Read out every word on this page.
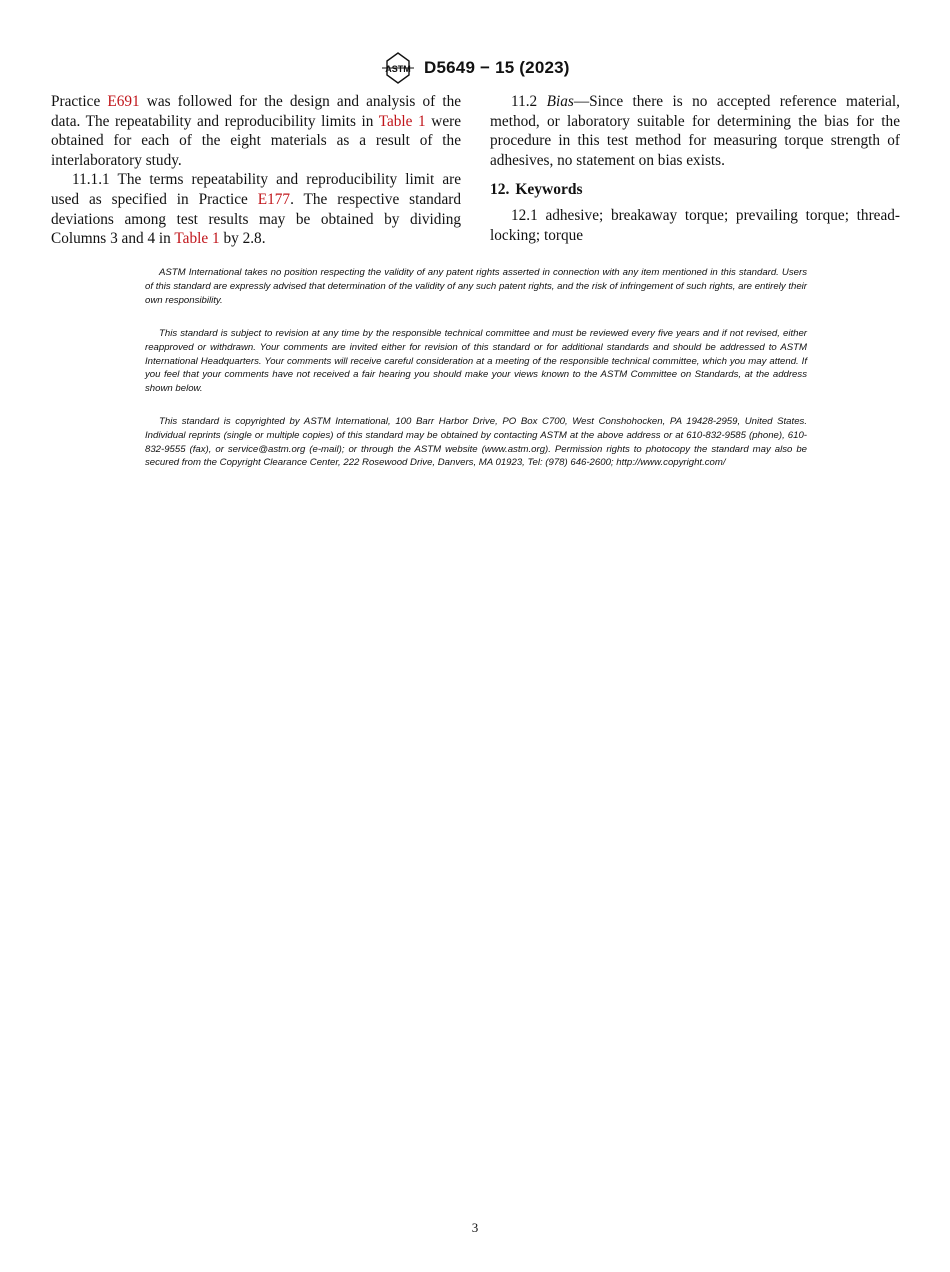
ASTM D5649 − 15 (2023)

Practice E691 was followed for the design and analysis of the data. The repeatability and reproducibility limits in Table 1 were obtained for each of the eight materials as a result of the interlaboratory study.

11.1.1 The terms repeatability and reproducibility limit are used as specified in Practice E177. The respective standard deviations among test results may be obtained by dividing Columns 3 and 4 in Table 1 by 2.8.

11.2 Bias—Since there is no accepted reference material, method, or laboratory suitable for determining the bias for the procedure in this test method for measuring torque strength of adhesives, no statement on bias exists.

12. Keywords

12.1 adhesive; breakaway torque; prevailing torque; thread-locking; torque

ASTM International takes no position respecting the validity of any patent rights asserted in connection with any item mentioned in this standard. Users of this standard are expressly advised that determination of the validity of any such patent rights, and the risk of infringement of such rights, are entirely their own responsibility.

This standard is subject to revision at any time by the responsible technical committee and must be reviewed every five years and if not revised, either reapproved or withdrawn. Your comments are invited either for revision of this standard or for additional standards and should be addressed to ASTM International Headquarters. Your comments will receive careful consideration at a meeting of the responsible technical committee, which you may attend. If you feel that your comments have not received a fair hearing you should make your views known to the ASTM Committee on Standards, at the address shown below.

This standard is copyrighted by ASTM International, 100 Barr Harbor Drive, PO Box C700, West Conshohocken, PA 19428-2959, United States. Individual reprints (single or multiple copies) of this standard may be obtained by contacting ASTM at the above address or at 610-832-9585 (phone), 610-832-9555 (fax), or service@astm.org (e-mail); or through the ASTM website (www.astm.org). Permission rights to photocopy the standard may also be secured from the Copyright Clearance Center, 222 Rosewood Drive, Danvers, MA 01923, Tel: (978) 646-2600; http://www.copyright.com/

3
